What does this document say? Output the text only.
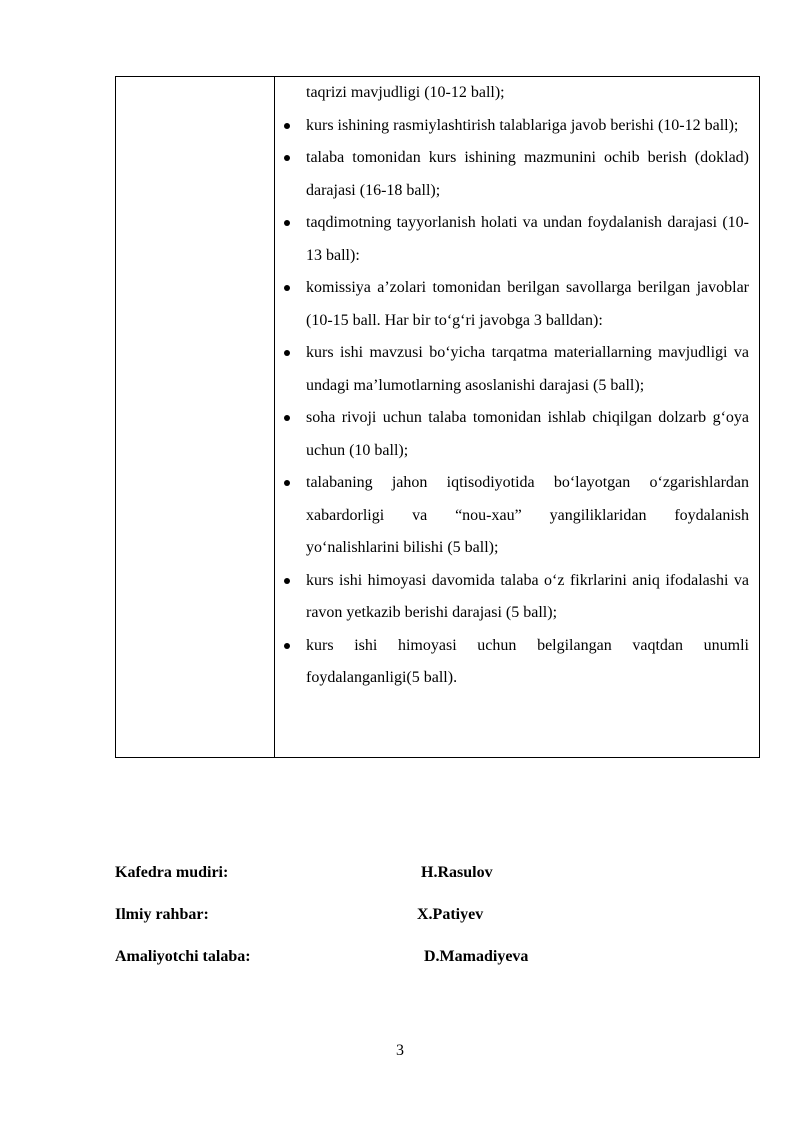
taqrizi mavjudligi (10-12 ball);
kurs ishining rasmiylashtirish talablariga javob berishi (10-12 ball);
talaba tomonidan kurs ishining mazmunini ochib berish (doklad) darajasi (16-18 ball);
taqdimotning tayyorlanish holati va undan foydalanish darajasi (10-13 ball):
komissiya a’zolari tomonidan berilgan savollarga berilgan javoblar (10-15 ball. Har bir to‘g‘ri javobga 3 balldan):
kurs ishi mavzusi bo‘yicha tarqatma materiallarning mavjudligi va undagi ma’lumotlarning asoslanishi darajasi (5 ball);
soha rivoji uchun talaba tomonidan ishlab chiqilgan dolzarb g‘oya uchun (10 ball);
talabaning jahon iqtisodiyotida bo‘layotgan o‘zgarishlardan xabardorligi va “nou-xau” yangiliklaridan foydalanish yo‘nalishlarini bilishi (5 ball);
kurs ishi himoyasi davomida talaba o‘z fikrlarini aniq ifodalashi va ravon yetkazib berishi darajasi (5 ball);
kurs ishi himoyasi uchun belgilangan vaqtdan unumli foydalanganligi(5 ball).
Kafedra mudiri:	H.Rasulov
Ilmiy rahbar:	X.Patiyev
Amaliyotchi talaba:	D.Mamadiyeva
3
